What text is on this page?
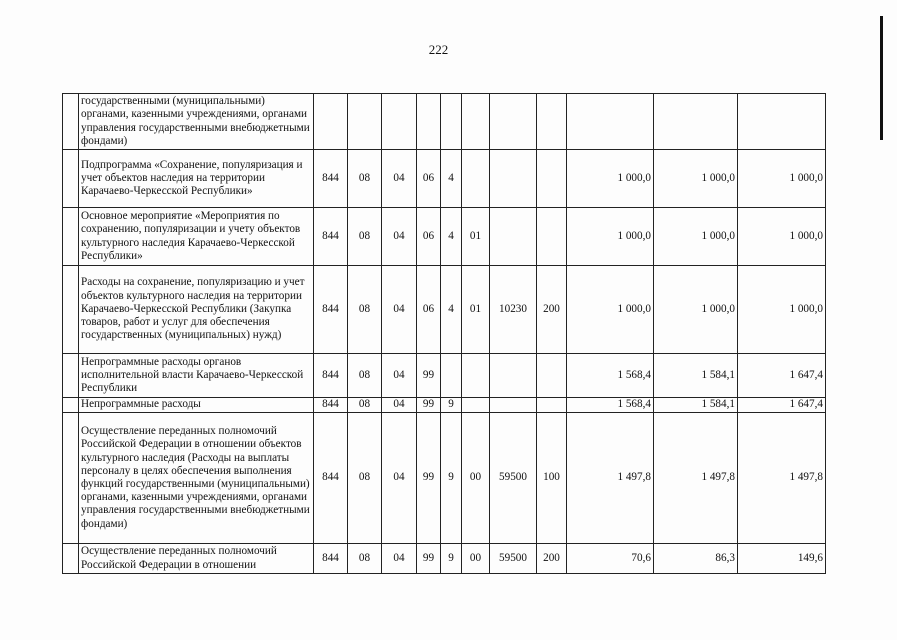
222
	государственными (муниципальными) органами, казенными учреждениями, органами управления государственными внебюджетными фондами)											
	Подпрограмма «Сохранение, популяризация и учет объектов наследия на территории Карачаево-Черкесской Республики»	844	08	04	06	4				1 000,0	1 000,0	1 000,0
	Основное мероприятие «Мероприятия по сохранению, популяризации и учету объектов культурного наследия Карачаево-Черкесской Республики»	844	08	04	06	4	01			1 000,0	1 000,0	1 000,0
	Расходы на сохранение, популяризацию и учет объектов культурного наследия на территории Карачаево-Черкесской Республики (Закупка товаров, работ и услуг для обеспечения государственных (муниципальных) нужд)	844	08	04	06	4	01	10230	200	1 000,0	1 000,0	1 000,0
	Непрограммные расходы органов исполнительной власти Карачаево-Черкесской Республики	844	08	04	99					1 568,4	1 584,1	1 647,4
	Непрограммные расходы	844	08	04	99	9				1 568,4	1 584,1	1 647,4
	Осуществление переданных полномочий Российской Федерации в отношении объектов культурного наследия (Расходы на выплаты персоналу в целях обеспечения выполнения функций государственными (муниципальными) органами, казенными учреждениями, органами управления государственными внебюджетными фондами)	844	08	04	99	9	00	59500	100	1 497,8	1 497,8	1 497,8
	Осуществление переданных полномочий Российской Федерации в отношении	844	08	04	99	9	00	59500	200	70,6	86,3	149,6
